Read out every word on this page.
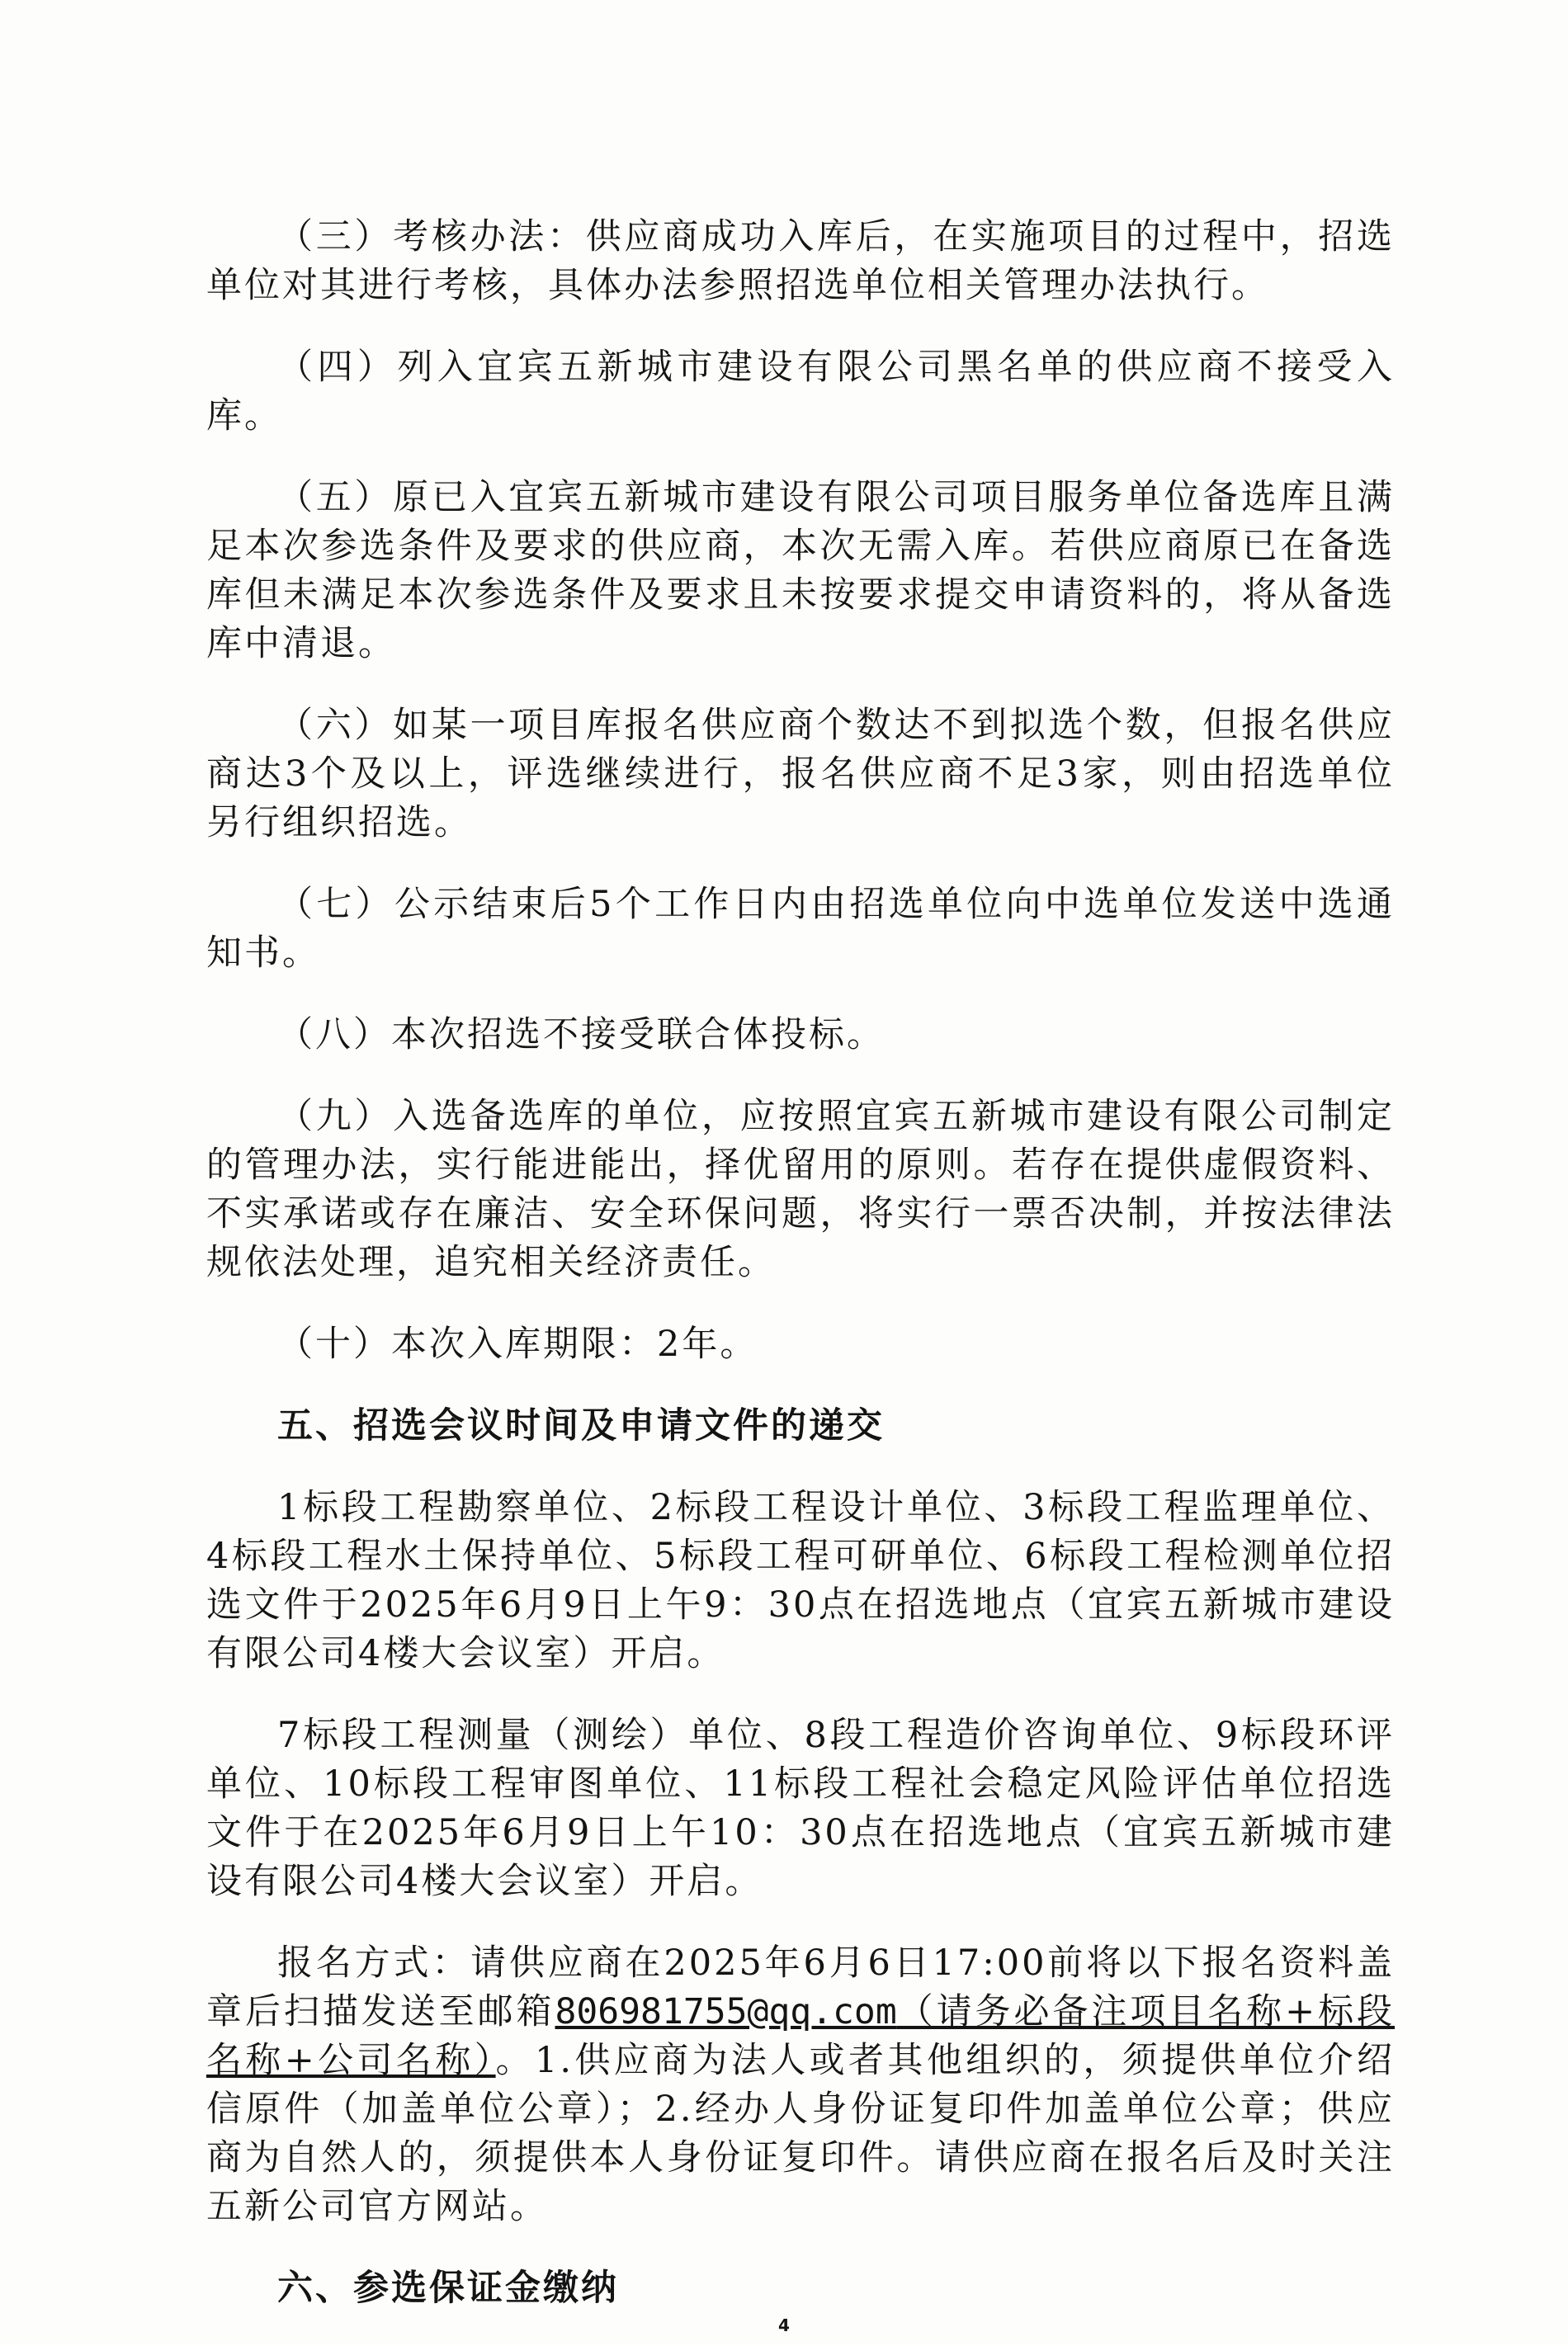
（三）考核办法：供应商成功入库后，在实施项目的过程中，招选单位对其进行考核，具体办法参照招选单位相关管理办法执行。

（四）列入宜宾五新城市建设有限公司黑名单的供应商不接受入库。

（五）原已入宜宾五新城市建设有限公司项目服务单位备选库且满足本次参选条件及要求的供应商，本次无需入库。若供应商原已在备选库但未满足本次参选条件及要求且未按要求提交申请资料的，将从备选库中清退。

（六）如某一项目库报名供应商个数达不到拟选个数，但报名供应商达3个及以上，评选继续进行，报名供应商不足3家，则由招选单位另行组织招选。

（七）公示结束后5个工作日内由招选单位向中选单位发送中选通知书。

（八）本次招选不接受联合体投标。

（九）入选备选库的单位，应按照宜宾五新城市建设有限公司制定的管理办法，实行能进能出，择优留用的原则。若存在提供虚假资料、不实承诺或存在廉洁、安全环保问题，将实行一票否决制，并按法律法规依法处理，追究相关经济责任。

（十）本次入库期限：2年。

五、招选会议时间及申请文件的递交

1标段工程勘察单位、2标段工程设计单位、3标段工程监理单位、4标段工程水土保持单位、5标段工程可研单位、6标段工程检测单位招选文件于2025年6月9日上午9：30点在招选地点（宜宾五新城市建设有限公司4楼大会议室）开启。

7标段工程测量（测绘）单位、8段工程造价咨询单位、9标段环评单位、10标段工程审图单位、11标段工程社会稳定风险评估单位招选文件于在2025年6月9日上午10：30点在招选地点（宜宾五新城市建设有限公司4楼大会议室）开启。

报名方式：请供应商在2025年6月6日17:00前将以下报名资料盖章后扫描发送至邮箱806981755@qq.com（请务必备注项目名称+标段名称+公司名称）。1.供应商为法人或者其他组织的，须提供单位介绍信原件（加盖单位公章）；2.经办人身份证复印件加盖单位公章；供应商为自然人的，须提供本人身份证复印件。请供应商在报名后及时关注五新公司官方网站。

六、参选保证金缴纳

4
